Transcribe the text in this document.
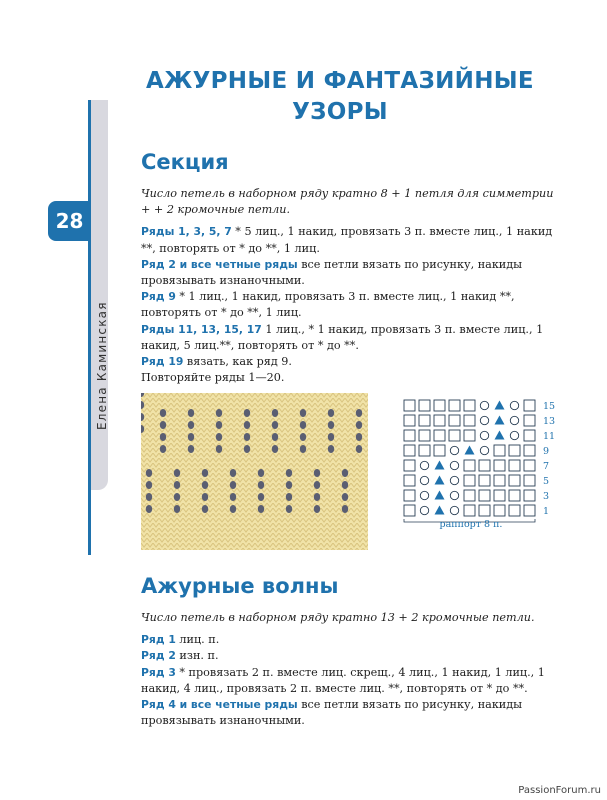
28
Елена Каминская
АЖУРНЫЕ И ФАНТАЗИЙНЫЕ
УЗОРЫ
Секция

Число петель в наборном ряду кратно 8 + 1 петля для симметрии + + 2 кромочные петли.

Ряды 1, 3, 5, 7 * 5 лиц., 1 накид, провязать 3 п. вместе лиц., 1 накид **, повторять от * до **, 1 лиц.

Ряд 2 и все четные ряды все петли вязать по рисунку, накиды провязывать изнаночными.

Ряд 9 * 1 лиц., 1 накид, провязать 3 п. вместе лиц., 1 накид **, повторять от * до **, 1 лиц.

Ряды 11, 13, 15, 17 1 лиц., * 1 накид, провязать 3 п. вместе лиц., 1 накид, 5 лиц.**, повторять от * до **.

Ряд 19 вязать, как ряд 9.

Повторяйте ряды 1—20.

15
13
11
9
7
5
3
1
раппорт 8 п.
Ажурные волны

Число петель в наборном ряду кратно 13 + 2 кромочные петли.

Ряд 1 лиц. п.

Ряд 2 изн. п.

Ряд 3 * провязать 2 п. вместе лиц. скрещ., 4 лиц., 1 накид, 1 лиц., 1 накид, 4 лиц., провязать 2 п. вместе лиц. **, повторять от * до **.

Ряд 4 и все четные ряды все петли вязать по рисунку, накиды провязывать изнаночными.

PassionForum.ru
